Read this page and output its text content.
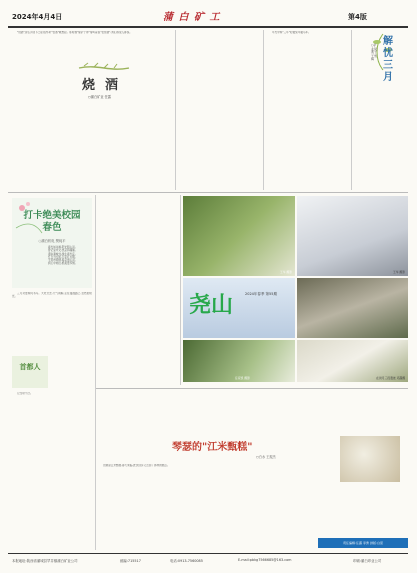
2024年4月4日	蒲 白 矿 工	第4版
"烧酒"这名字现下已是见得,听"农酒"就想起。那时候"煤矿子弟"常叫着说"农烧酒",我们那里人都说。
烧酒
○蒲白矿业 任露
年光中如"三年"好属兔年属马年。
解忧三月
○矿业局离子 王雪梅
打卡绝美校园春色
○蒲白机电 樊纯平
春光如诗画,阳光照山河。
曾记爱中文,热意铸翰墨。
漫步蒲城外,绿生春光宜。
红日当空照,万家灯火明。
天府市场情,春意更山河。
我心中向往,绝美更多情。
三月对更如何书写。大老过去,大气闲暇,走在漫漫路上,忽然的阳光。
首都人
记当时不过。
王华 摄影	王华 摄影
尧山	2024年春季 第55期
任家凯 摄影	在供月三段遗迹 邓露摄
琴瑟的"江米甄糕"
○白水 王振杰
也就是江米甄糕,春天来临,此次回乡又念到了那样的糕点。
责任编辑:任露 李勇 排版:白茹
本报地址:陕西省蒲城县罕井镇蒲白矿业公司	邮编:715517	电话:0913-7560085	E-mail:pbkg7566685@163.com	印刷:蒲白印业公司
